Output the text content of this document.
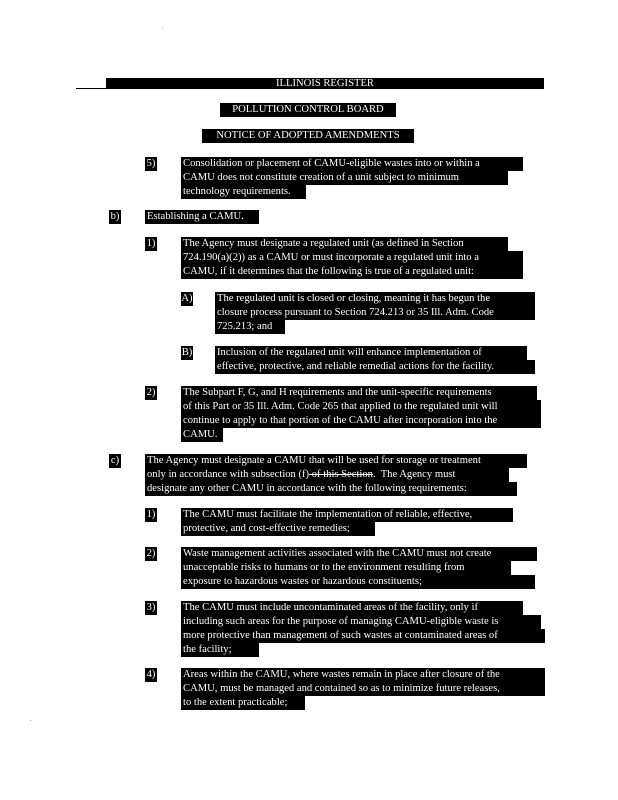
ILLINOIS REGISTER
POLLUTION CONTROL BOARD
NOTICE OF ADOPTED AMENDMENTS
5)	Consolidation or placement of CAMU-eligible wastes into or within a
CAMU does not constitute creation of a unit subject to minimum
technology requirements.
b)	Establishing a CAMU.
1)	The Agency must designate a regulated unit (as defined in Section
724.190(a)(2)) as a CAMU or must incorporate a regulated unit into a
CAMU, if it determines that the following is true of a regulated unit:
A) The regulated unit is closed or closing, meaning it has begun the
closure process pursuant to Section 724.213 or 35 Ill. Adm. Code
725.213; and
B) Inclusion of the regulated unit will enhance implementation of
effective, protective, and reliable remedial actions for the facility.
2)	The Subpart F, G, and H requirements and the unit-specific requirements
of this Part or 35 Ill. Adm. Code 265 that applied to the regulated unit will
continue to apply to that portion of the CAMU after incorporation into the
CAMU.
c)	The Agency must designate a CAMU that will be used for storage or treatment
only in accordance with subsection (f) of this Section.  The Agency must
designate any other CAMU in accordance with the following requirements:
1)	The CAMU must facilitate the implementation of reliable, effective,
protective, and cost-effective remedies;
2)	Waste management activities associated with the CAMU must not create
unacceptable risks to humans or to the environment resulting from
exposure to hazardous wastes or hazardous constituents;
3)	The CAMU must include uncontaminated areas of the facility, only if
including such areas for the purpose of managing CAMU-eligible waste is
more protective than management of such wastes at contaminated areas of
the facility;
4)	Areas within the CAMU, where wastes remain in place after closure of the
CAMU, must be managed and contained so as to minimize future releases,
to the extent practicable;
